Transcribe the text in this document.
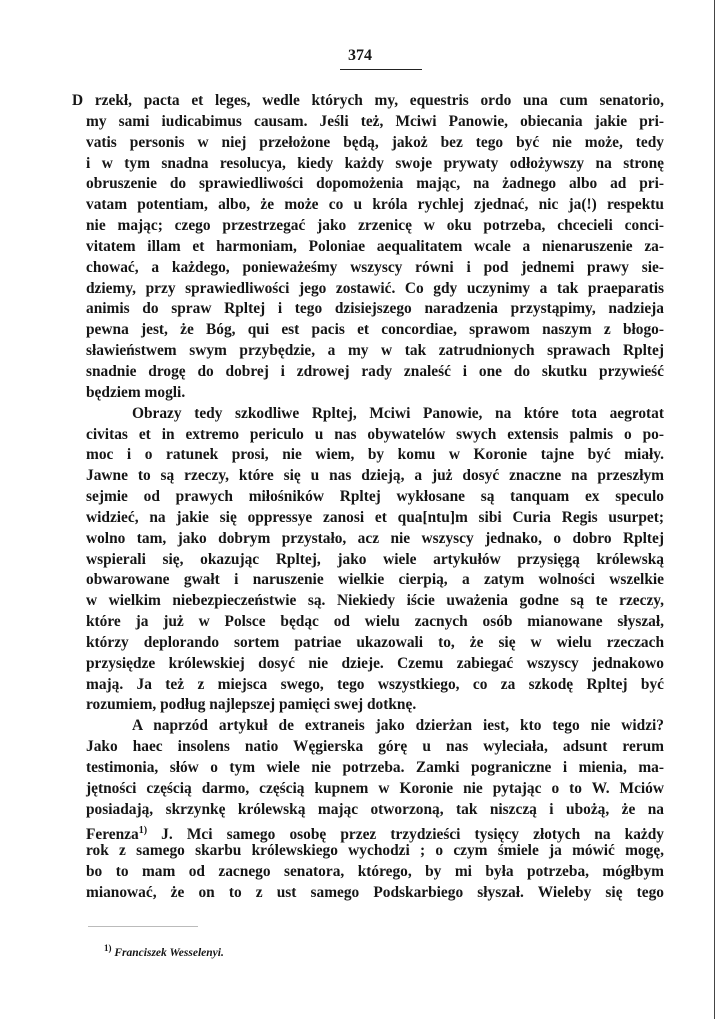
374
D rzekł, pacta et leges, wedle których my, equestris ordo una cum senatorio,
my sami iudicabimus causam. Jeśli też, Mciwi Panowie, obiecania jakie pri-
vatis personis w niej przełożone będą, jakoż bez tego być nie może, tedy
i w tym snadna resolucya, kiedy każdy swoje prywaty odłożywszy na stronę
obruszenie do sprawiedliwości dopomożenia mając, na żadnego albo ad pri-
vatam potentiam, albo, że może co u króla rychlej zjednać, nic ja(!) respektu
nie mając; czego przestrzegać jako zrzenicę w oku potrzeba, chcecieli conci-
vitatem illam et harmoniam, Poloniae aequalitatem wcale a nienaruszenie za-
chować, a każdego, ponieważeśmy wszyscy równi i pod jednemi prawy sie-
dziemy, przy sprawiedliwości jego zostawić. Co gdy uczynimy a tak praeparatis
animis do spraw Rpltej i tego dzisiejszego naradzenia przystąpimy, nadzieja
pewna jest, że Bóg, qui est pacis et concordiae, sprawom naszym z błogo-
sławieństwem swym przybędzie, a my w tak zatrudnionych sprawach Rpltej
snadnie drogę do dobrej i zdrowej rady znaleść i one do skutku przywieść
będziem mogli.
Obrazy tedy szkodliwe Rpltej, Mciwi Panowie, na które tota aegrotat
civitas et in extremo periculo u nas obywatelów swych extensis palmis o po-
moc i o ratunek prosi, nie wiem, by komu w Koronie tajne być miały.
Jawne to są rzeczy, które się u nas dzieją, a już dosyć znaczne na przeszłym
sejmie od prawych miłośników Rpltej wykłosane są tanquam ex speculo
widzieć, na jakie się oppressye zanosi et qua[ntu]m sibi Curia Regis usurpet;
wolno tam, jako dobrym przystało, acz nie wszyscy jednako, o dobro Rpltej
wspierali się, okazując Rpltej, jako wiele artykułów przysięgą królewską
obwarowane gwałt i naruszenie wielkie cierpią, a zatym wolności wszelkie
w wielkim niebezpieczeństwie są. Niekiedy iście uważenia godne są te rzeczy,
które ja już w Polsce będąc od wielu zacnych osób mianowane słyszał,
którzy deplorando sortem patriae ukazowali to, że się w wielu rzeczach
przysiędze królewskiej dosyć nie dzieje. Czemu zabiegać wszyscy jednakowo
mają. Ja też z miejsca swego, tego wszystkiego, co za szkodę Rpltej być
rozumiem, podług najlepszej pamięci swej dotknę.
A naprzód artykuł de extraneis jako dzierżan iest, kto tego nie widzi?
Jako haec insolens natio Węgierska górę u nas wyleciała, adsunt rerum
testimonia, słów o tym wiele nie potrzeba. Zamki pograniczne i mienia, ma-
jętności częścią darmo, częścią kupnem w Koronie nie pytając o to W. Mciów
posiadają, skrzynkę królewską mając otworzoną, tak niszczą i ubożą, że na
Ferenza$^{1)}$ J. Mci samego osobę przez trzydzieści tysięcy złotych na każdy
rok z samego skarbu królewskiego wychodzi ; o czym śmiele ja mówić mogę,
bo to mam od zacnego senatora, którego, by mi była potrzeba, mógłbym
mianować, że on to z ust samego Podskarbiego słyszał. Wieleby się tego
$^{1)}$ Franciszek Wesselenyi.
